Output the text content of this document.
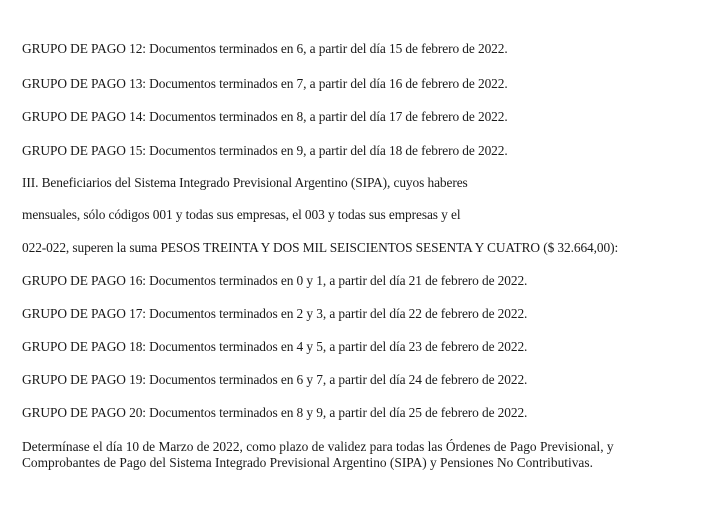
GRUPO DE PAGO 12: Documentos terminados en 6, a partir del día 15 de febrero de 2022.
GRUPO DE PAGO 13: Documentos terminados en 7, a partir del día 16 de febrero de 2022.
GRUPO DE PAGO 14: Documentos terminados en 8, a partir del día 17 de febrero de 2022.
GRUPO DE PAGO 15: Documentos terminados en 9, a partir del día 18 de febrero de 2022.
III. Beneficiarios del Sistema Integrado Previsional Argentino (SIPA), cuyos haberes
mensuales, sólo códigos 001 y todas sus empresas, el 003 y todas sus empresas y el
022-022, superen la suma PESOS TREINTA Y DOS MIL SEISCIENTOS SESENTA Y CUATRO ($ 32.664,00):
GRUPO DE PAGO 16: Documentos terminados en 0 y 1, a partir del día 21 de febrero de 2022.
GRUPO DE PAGO 17: Documentos terminados en 2 y 3, a partir del día 22 de febrero de 2022.
GRUPO DE PAGO 18: Documentos terminados en 4 y 5, a partir del día 23 de febrero de 2022.
GRUPO DE PAGO 19: Documentos terminados en 6 y 7, a partir del día 24 de febrero de 2022.
GRUPO DE PAGO 20: Documentos terminados en 8 y 9, a partir del día 25 de febrero de 2022.
Determínase el día 10 de Marzo de 2022, como plazo de validez para todas las Órdenes de Pago Previsional, y
Comprobantes de Pago del Sistema Integrado Previsional Argentino (SIPA) y Pensiones No Contributivas.
